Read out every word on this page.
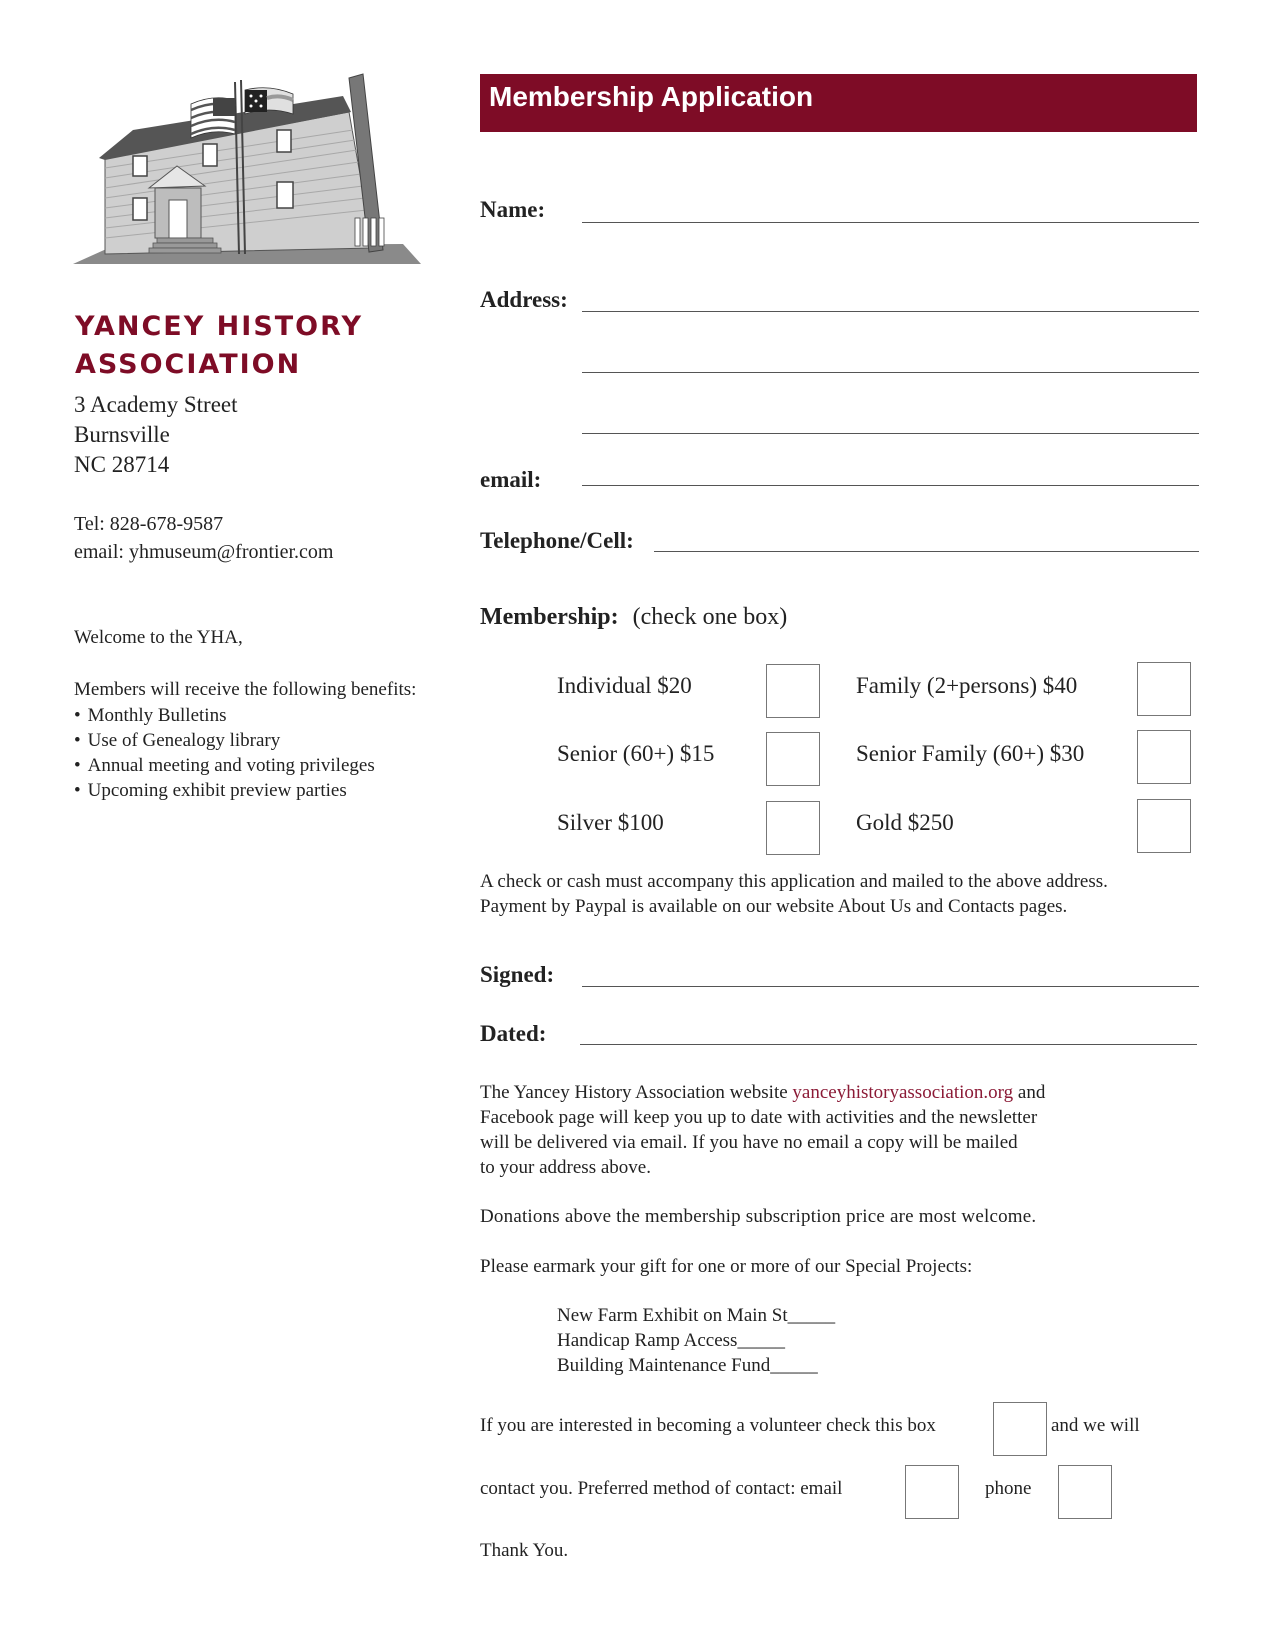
YANCEY HISTORY
ASSOCIATION
3 Academy Street
Burnsville
NC 28714
Tel: 828-678-9587
email: yhmuseum@frontier.com
Welcome to the YHA,
Members will receive the following benefits:
• Monthly Bulletins
• Use of Genealogy library
• Annual meeting and voting privileges
• Upcoming exhibit preview parties
Membership Application
Name:
Address:
email:
Telephone/Cell:
Membership: (check one box)
Individual $20	Family (2+persons) $40
Senior (60+) $15	Senior Family (60+) $30
Silver $100	Gold $250
A check or cash must accompany this application and mailed to the above address.
Payment by Paypal is available on our website About Us and Contacts pages.
Signed:
Dated:
The Yancey History Association website yanceyhistoryassociation.org and
Facebook page will keep you up to date with activities and the newsletter
will be delivered via email. If you have no email a copy will be mailed
to your address above.
Donations above the membership subscription price are most welcome.
Please earmark your gift for one or more of our Special Projects:
New Farm Exhibit on Main St_____
Handicap Ramp Access_____
Building Maintenance Fund_____
If you are interested in becoming a volunteer check this box	and we will
contact you. Preferred method of contact: email	phone
Thank You.
